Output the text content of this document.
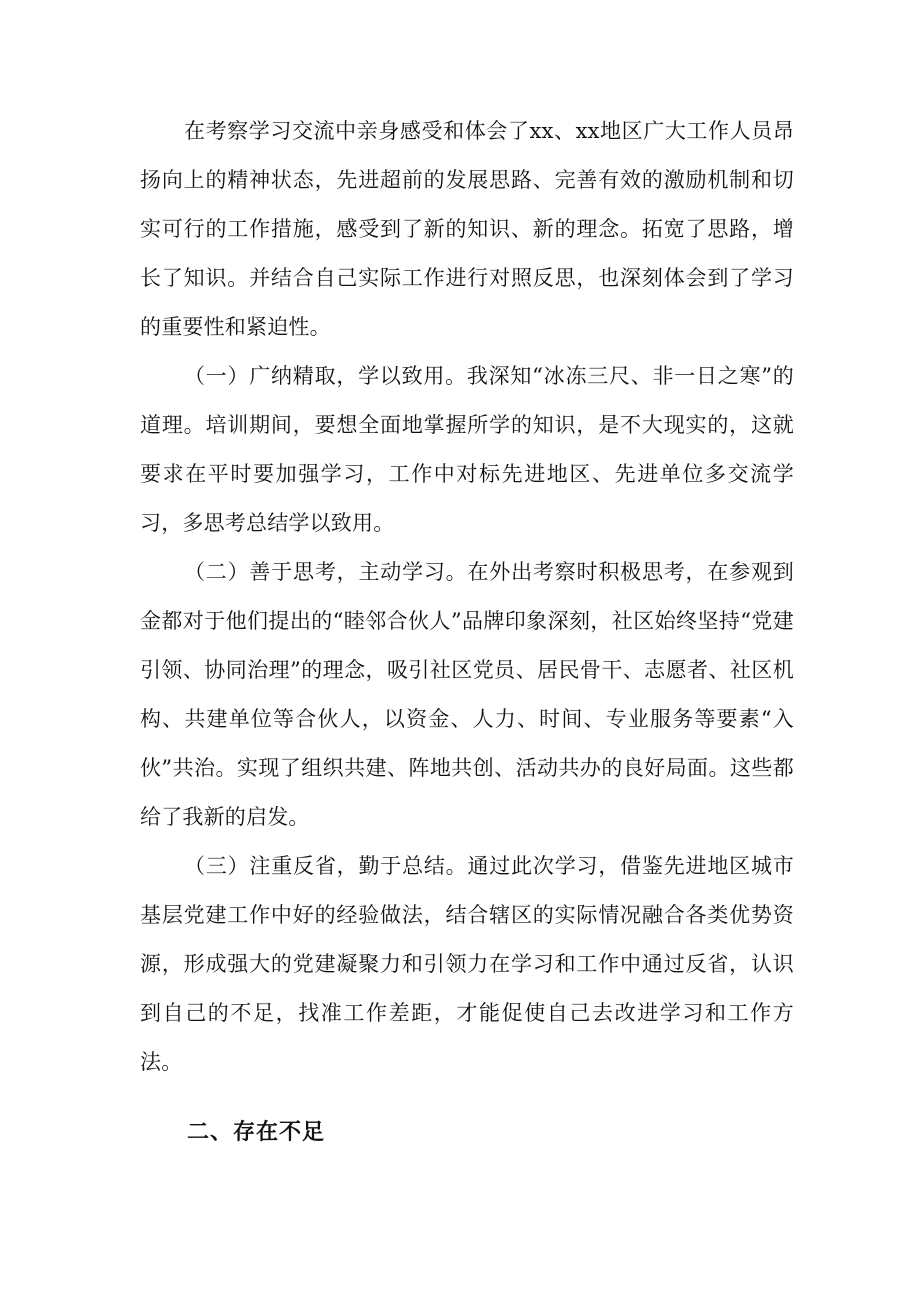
在考察学习交流中亲身感受和体会了xx、xx地区广大工作人员昂扬向上的精神状态，先进超前的发展思路、完善有效的激励机制和切实可行的工作措施，感受到了新的知识、新的理念。拓宽了思路，增长了知识。并结合自己实际工作进行对照反思，也深刻体会到了学习的重要性和紧迫性。

（一）广纳精取，学以致用。我深知“冰冻三尺、非一日之寒”的道理。培训期间，要想全面地掌握所学的知识，是不大现实的，这就要求在平时要加强学习，工作中对标先进地区、先进单位多交流学习，多思考总结学以致用。

（二）善于思考，主动学习。在外出考察时积极思考，在参观到金都对于他们提出的“睦邻合伙人”品牌印象深刻，社区始终坚持“党建引领、协同治理”的理念，吸引社区党员、居民骨干、志愿者、社区机构、共建单位等合伙人，以资金、人力、时间、专业服务等要素“入伙”共治。实现了组织共建、阵地共创、活动共办的良好局面。这些都给了我新的启发。

（三）注重反省，勤于总结。通过此次学习，借鉴先进地区城市基层党建工作中好的经验做法，结合辖区的实际情况融合各类优势资源，形成强大的党建凝聚力和引领力在学习和工作中通过反省，认识到自己的不足，找准工作差距，才能促使自己去改进学习和工作方法。

二、存在不足
